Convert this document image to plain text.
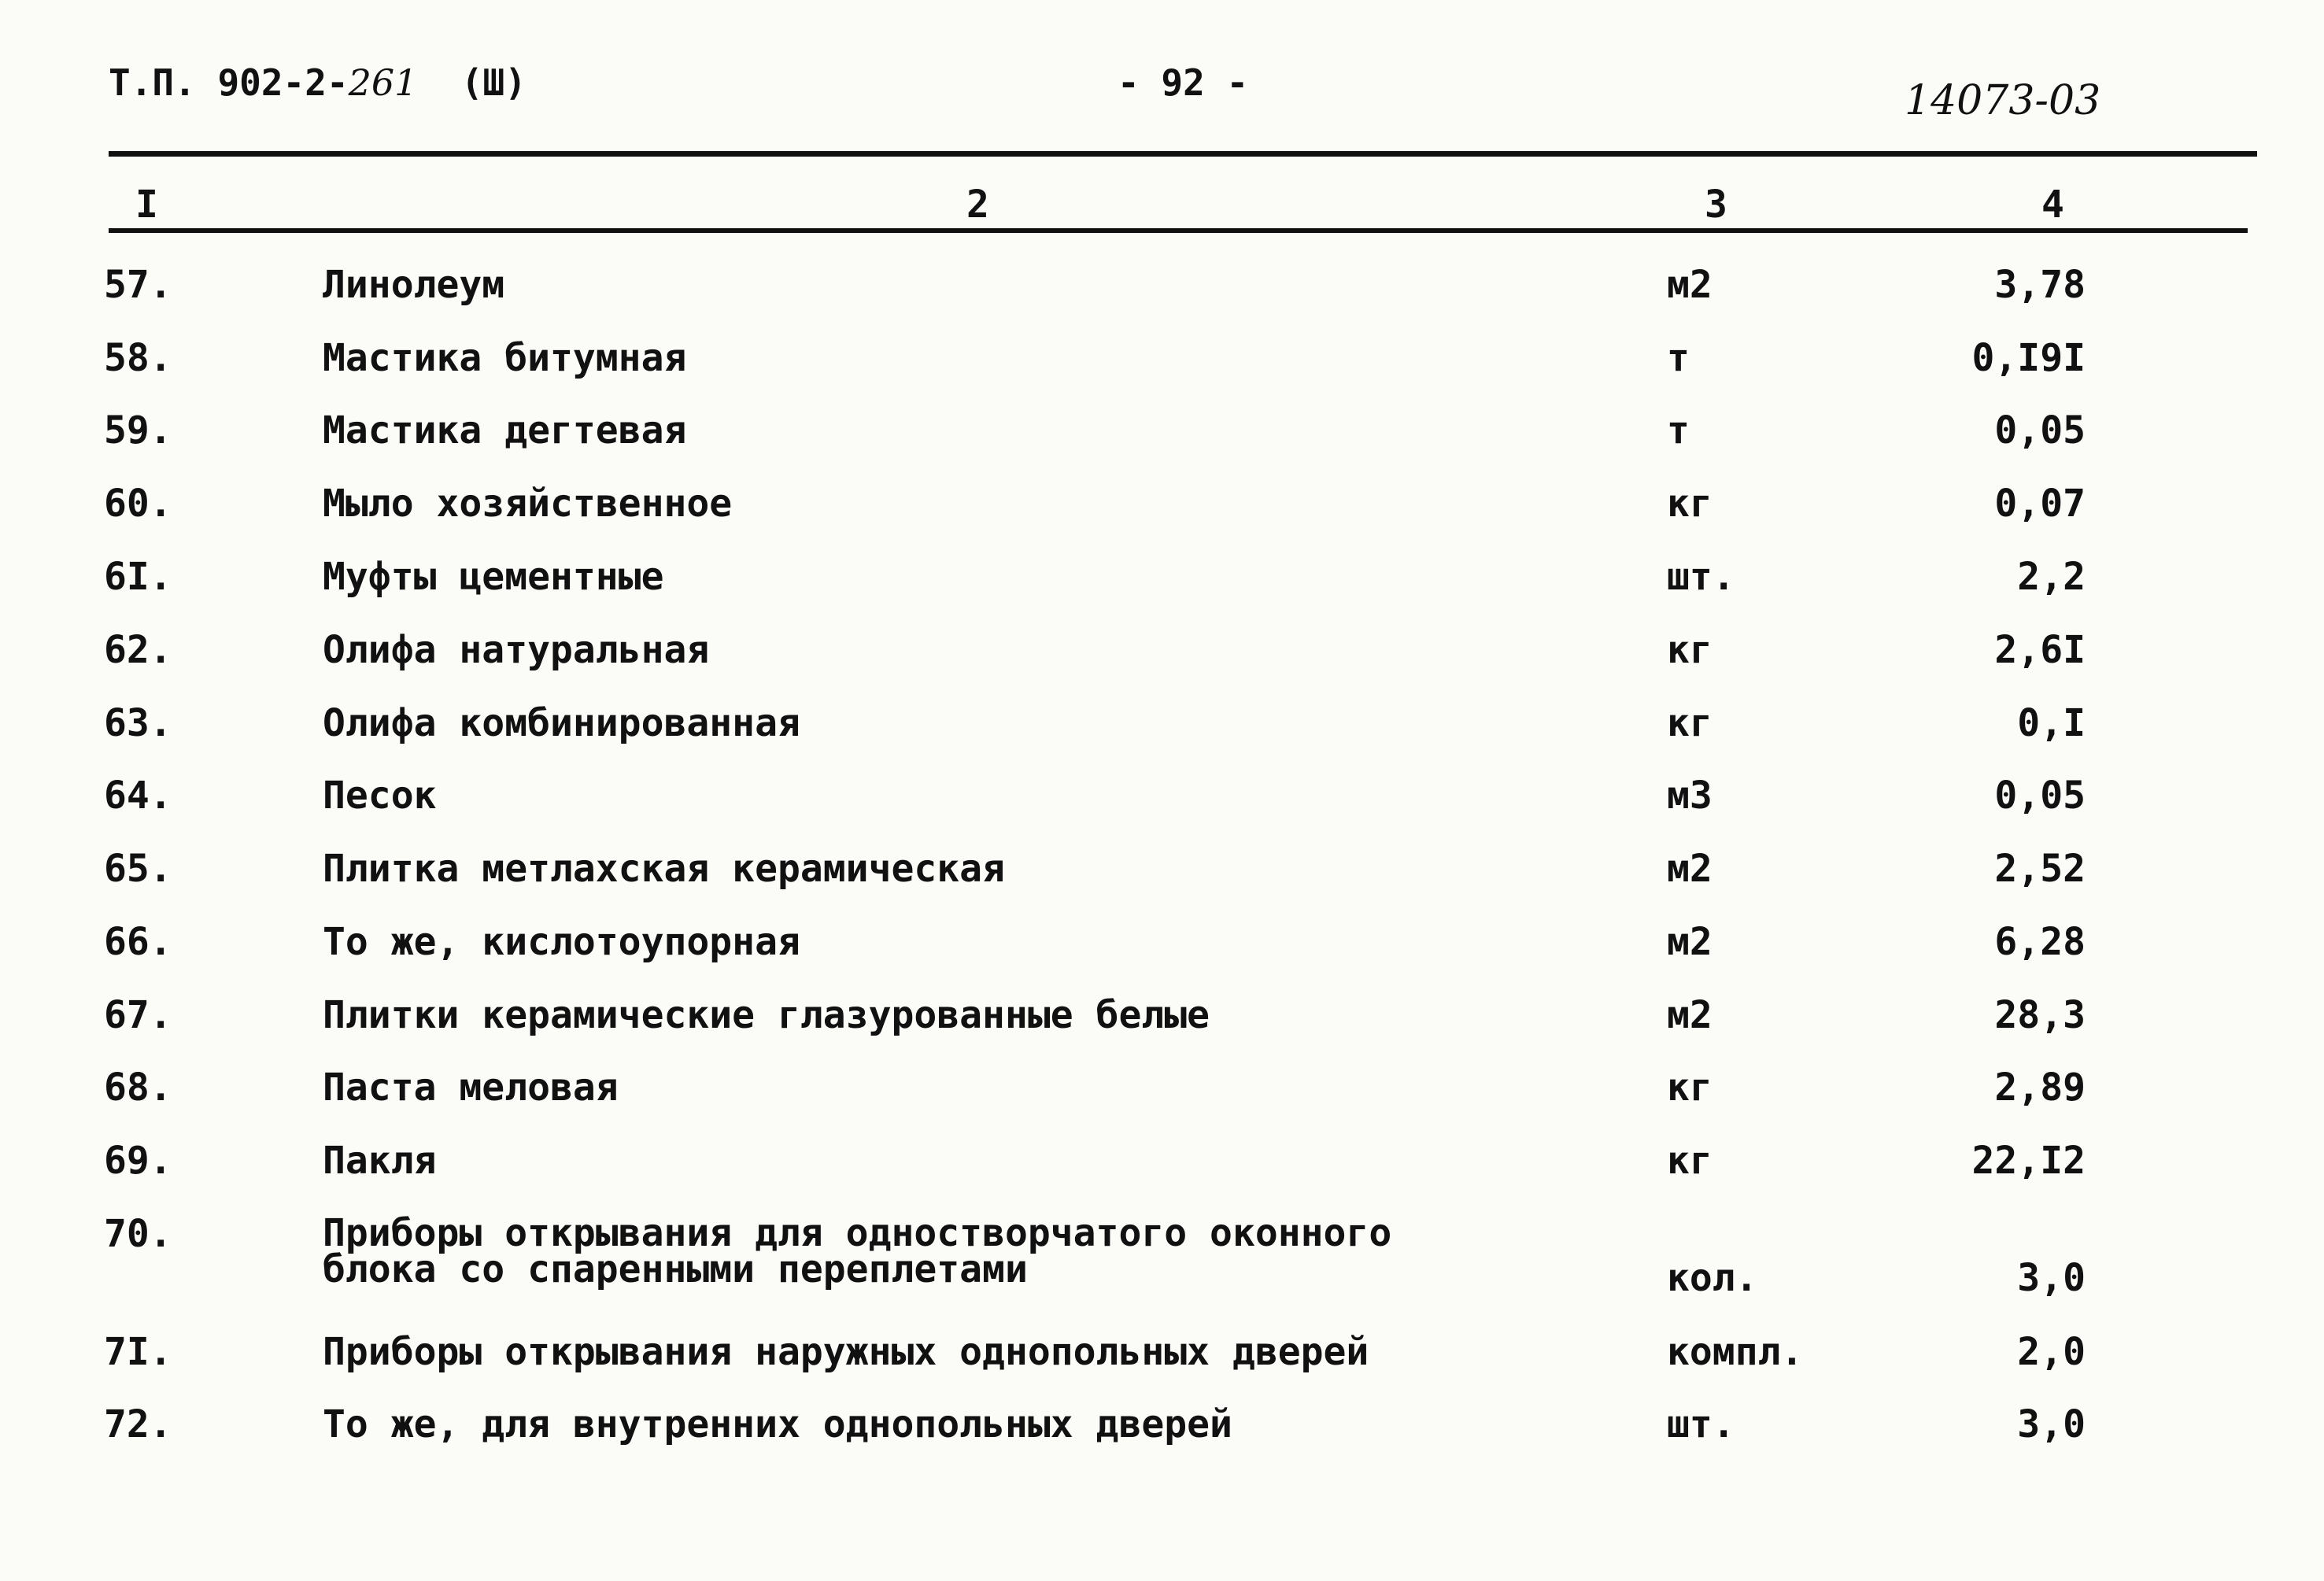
Т.П. 902-2-261 (Ш)	- 92 -	14073-03
I	2	3	4
57.	Линолеум	м2	3,78
58.	Мастика битумная	т	0,I9I
59.	Мастика дегтевая	т	0,05
60.	Мыло хозяйственное	кг	0,07
6I.	Муфты цементные	шт.	2,2
62.	Олифа натуральная	кг	2,6I
63.	Олифа комбинированная	кг	0,I
64.	Песок	м3	0,05
65.	Плитка метлахская керамическая	м2	2,52
66.	То же, кислотоупорная	м2	6,28
67.	Плитки керамические глазурованные белые	м2	28,3
68.	Паста меловая	кг	2,89
69.	Пакля	кг	22,I2
70.	Приборы открывания для одностворчатого оконного
блока со спаренными переплетами	кол.	3,0
7I.	Приборы открывания наружных однопольных дверей	компл.	2,0
72.	То же, для внутренних однопольных дверей	шт.	3,0
